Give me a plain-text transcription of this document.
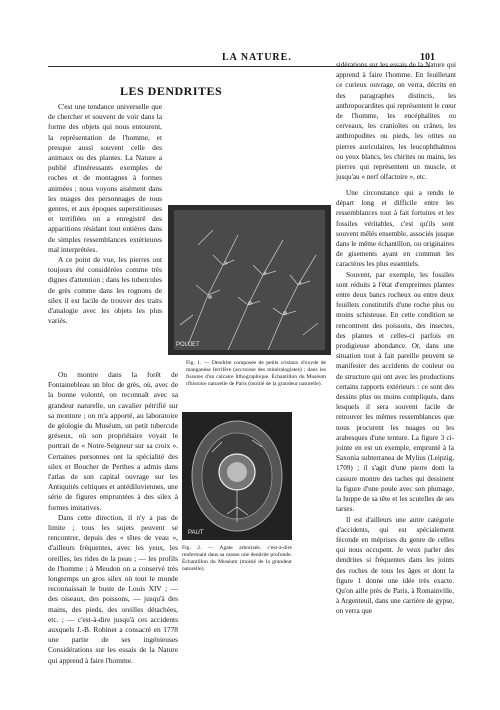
LA NATURE.	101
LES DENDRITES

C'est une tendance universelle que de chercher et souvent de voir dans la forme des objets qui nous entourent, la représentation de l'homme, et presque aussi souvent celle des animaux ou des plantes. La Nature a publié d'intéressants exemples de roches et de montagnes à formes animées ; nous voyons aisément dans les nuages des personnages de tous genres, et aux époques superstitieuses et terrifiées on a enregistré des apparitions résidant tout entières dans de simples ressemblances extérieures mal interprétées.

A ce point de vue, les pierres ont toujours été considérées comme très dignes d'attention ; dans les tubercules de grès comme dans les rognons de silex il est facile de trouver des traits d'analogie avec les objets les plus variés.

POUJET
Fig. 1. — Dendrite composée de petits cristaux d'oxyde de manganèse ferrifère (accroisse des minéralogistes) ; dans les fissures d'un calcaire lithographique. Échantillon du Muséum d'histoire naturelle de Paris (moitié de la grandeur naturelle).

sidérations sur les essais de la Nature qui apprend à faire l'homme. En feuilletant ce curieux ouvrage, on verra, décrits en des paragraphes distincts, les anthropocardites qui représentent le cœur de l'homme, les encéphalites ou cerveaux, les cranioïtes ou crânes, les anthropodites ou pieds, les otites ou pierres auriculaires, les leucophthalmos ou yeux blancs, les chirites ou mains, les pierres qui représentent un muscle, et jusqu'au « nerf olfactoire », etc.

Une circonstance qui a rendu le départ long et difficile entre les ressemblances tout à fait fortuites et les fossiles véritables, c'est qu'ils sont souvent mêlés ensemble, associés jusque dans le même échantillon, ou originaires de gisements ayant en commun les caractères les plus essentiels.

Souvent, par exemple, les fossiles sont réduits à l'état d'empreintes plantes entre deux bancs rocheux ou entre deux feuillets constitutifs d'une roche plus ou moins schisteuse. En cette condition se rencontrent des poissons, des insectes, des plantes et celles-ci parfois en prodigieuse abondance. Or, dans une situation tout à fait pareille peuvent se manifester des accidents de couleur ou de structure qui ont avec les productions certains rapports extérieurs : ce sont des dessins plus ou moins compliqués, dans lesquels il sera souvent facile de retrouver les mêmes ressemblances que nous procurent les nuages ou les arabesques d'une tenture. La figure 3 ci-jointe en est un exemple, emprunté à la Saxonia subterranea de Mylius (Leipzig, 1709) ; il s'agit d'une pierre dont la cassure montre des taches qui dessinent la figure d'une poule avec son plumage, la huppe de sa tête et les scutelles de ses tarses.

Il est d'ailleurs une autre catégorie d'accidents, qui est spécialement féconde en méprises du genre de celles qui nous occupent. Je veux parler des dendrites si fréquentes dans les joints des roches de tous les âges et dont la figure 1 donne une idée très exacte. Qu'on aille près de Paris, à Romainville, à Argenteuil, dans une carrière de gypse, on verra que

On montre dans la forêt de Fontainebleau un bloc de grès, où, avec de la bonne volonté, on reconnaît avec sa grandeur naturelle, un cavalier pétrifié sur sa monture ; on m'a apporté, au laboratoire de géologie du Muséum, un petit tubercule gréseux, où son propriétaire voyait le portrait de « Notre-Seigneur sur sa croix ». Certaines personnes ont la spécialité des silex et Boucher de Perthes a admis dans l'atlas de son capital ouvrage sur les Antiquités celtiques et antédiluviennes, une série de figures empruntées à des silex à formes imitatives.

Dans cette direction, il n'y a pas de limite ; tous les sujets peuvent se rencontrer, depuis des « têtes de veau », d'ailleurs fréquentes, avec les yeux, les oreilles, les rides de la peau ; — les profils de l'homme : à Meudon on a conservé très longtemps un gros silex où tout le monde reconnaissait le buste de Louis XIV ; — des oiseaux, des poissons, — jusqu'à des mains, des pieds, des oreilles détachées, etc. ; — c'est-à-dire jusqu'à ces accidents auxquels J.-B. Robinet a consacré en 1778 une partie de ses ingénieuses Considérations sur les essais de la Nature qui apprend à faire l'homme.

PAUT
Fig. 2. — Agate arborisée, c'est-à-dire renfermant dans sa masse une dendrite profonde. Échantillon du Muséum (moitié de la grandeur naturelle).
